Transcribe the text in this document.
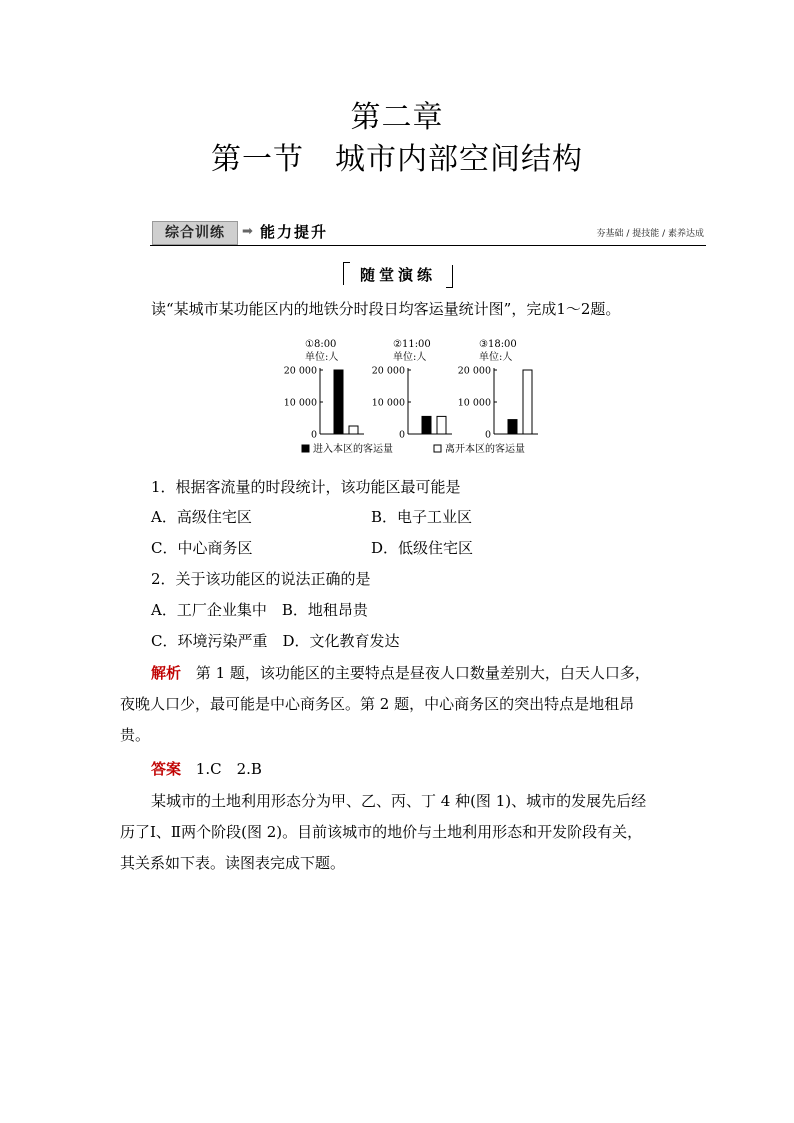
第二章
第一节　城市内部空间结构
综合训练	➡ 能力提升	夯基础 / 提技能 / 素养达成
随堂演练
读“某城市某功能区内的地铁分时段日均客运量统计图”，完成1～2题。
①8:00
单位:人
20 000
10 000
0
②11:00
单位:人
20 000
10 000
0
③18:00
单位:人
20 000
10 000
0
进入本区的客运量	离开本区的客运量
1．根据客流量的时段统计，该功能区最可能是
A．高级住宅区	B．电子工业区
C．中心商务区	D．低级住宅区
2．关于该功能区的说法正确的是
A．工厂企业集中　B．地租昂贵
C．环境污染严重　D．文化教育发达
解析 第 1 题，该功能区的主要特点是昼夜人口数量差别大，白天人口多，
夜晚人口少，最可能是中心商务区。第 2 题，中心商务区的突出特点是地租昂
贵。
答案 1.C　2.B
某城市的土地利用形态分为甲、乙、丙、丁 4 种(图 1)、城市的发展先后经
历了Ⅰ、Ⅱ两个阶段(图 2)。目前该城市的地价与土地利用形态和开发阶段有关，
其关系如下表。读图表完成下题。
